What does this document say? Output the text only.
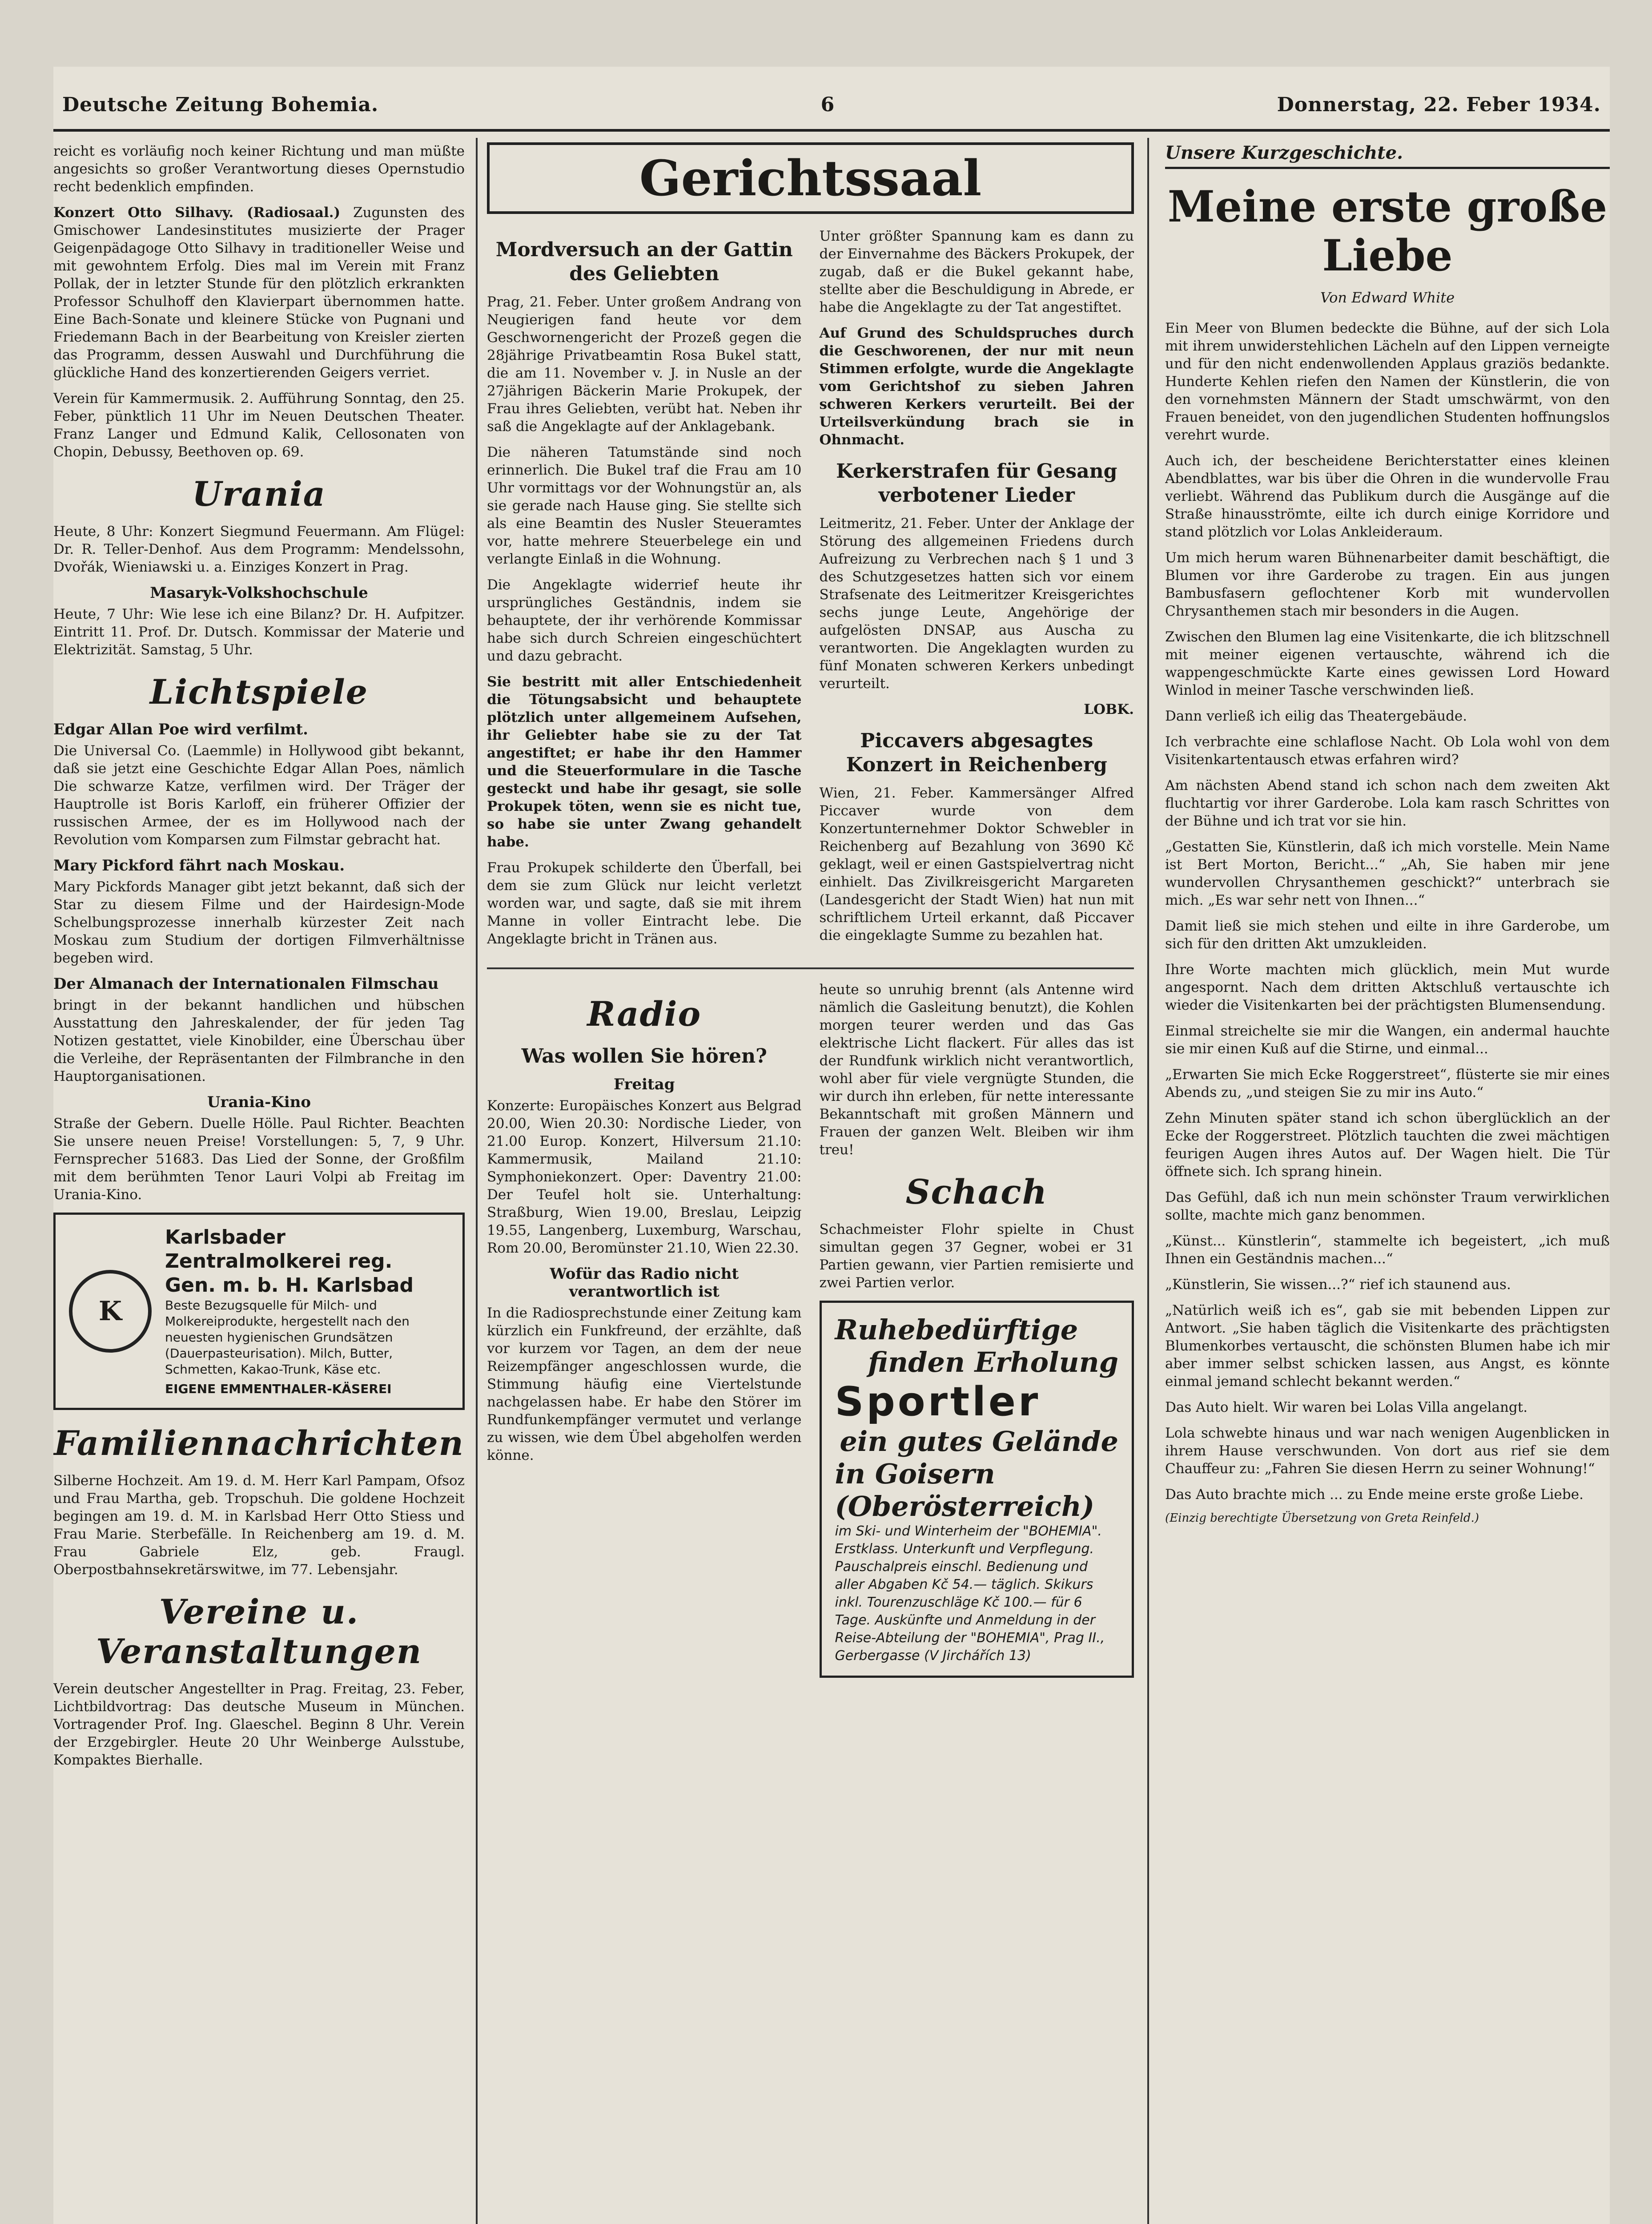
Deutsche Zeitung Bohemia.	6	Donnerstag, 22. Feber 1934.

reicht es vorläufig noch keiner Richtung und man müßte angesichts so großer Verantwortung dieses Opernstudio recht bedenklich empfinden.

Konzert Otto Silhavy. (Radiosaal.) Zugunsten des Gmischower Landesinstitutes musizierte der Prager Geigenpädagoge Otto Silhavy in traditioneller Weise und mit gewohntem Erfolg. Dies mal im Verein mit Franz Pollak, der in letzter Stunde für den plötzlich erkrankten Professor Schulhoff den Klavierpart übernommen hatte. Eine Bach-Sonate und kleinere Stücke von Pugnani und Friedemann Bach in der Bearbeitung von Kreisler zierten das Programm, dessen Auswahl und Durchführung die glückliche Hand des konzertierenden Geigers verriet.

Verein für Kammermusik. 2. Aufführung Sonntag, den 25. Feber, pünktlich 11 Uhr im Neuen Deutschen Theater. Franz Langer und Edmund Kalik, Cellosonaten von Chopin, Debussy, Beethoven op. 69.

Urania

Heute, 8 Uhr: Konzert Siegmund Feuermann. Am Flügel: Dr. R. Teller-Denhof. Aus dem Programm: Mendelssohn, Dvořák, Wieniawski u. a. Einziges Konzert in Prag.

Masaryk-Volkshochschule

Heute, 7 Uhr: Wie lese ich eine Bilanz? Dr. H. Aufpitzer. Eintritt 11. Prof. Dr. Dutsch. Kommissar der Materie und Elektrizität. Samstag, 5 Uhr.

Lichtspiele
Edgar Allan Poe wird verfilmt.

Die Universal Co. (Laemmle) in Hollywood gibt bekannt, daß sie jetzt eine Geschichte Edgar Allan Poes, nämlich Die schwarze Katze, verfilmen wird. Der Träger der Hauptrolle ist Boris Karloff, ein früherer Offizier der russischen Armee, der es im Hollywood nach der Revolution vom Komparsen zum Filmstar gebracht hat.

Mary Pickford fährt nach Moskau.

Mary Pickfords Manager gibt jetzt bekannt, daß sich der Star zu diesem Filme und der Hairdesign-Mode Schelbungsprozesse innerhalb kürzester Zeit nach Moskau zum Studium der dortigen Filmverhältnisse begeben wird.

Der Almanach der Internationalen Filmschau

bringt in der bekannt handlichen und hübschen Ausstattung den Jahreskalender, der für jeden Tag Notizen gestattet, viele Kinobilder, eine Überschau über die Verleihe, der Repräsentanten der Filmbranche in den Hauptorganisationen.

Urania-Kino

Straße der Gebern. Duelle Hölle. Paul Richter. Beachten Sie unsere neuen Preise! Vorstellungen: 5, 7, 9 Uhr. Fernsprecher 51683. Das Lied der Sonne, der Großfilm mit dem berühmten Tenor Lauri Volpi ab Freitag im Urania-Kino.

K
Karlsbader Zentralmolkerei reg. Gen. m. b. H. Karlsbad
Beste Bezugsquelle für Milch- und Molkereiprodukte, hergestellt nach den neuesten hygienischen Grundsätzen (Dauerpasteurisation). Milch, Butter, Schmetten, Kakao-Trunk, Käse etc.
EIGENE EMMENTHALER-KÄSEREI
Familiennachrichten

Silberne Hochzeit. Am 19. d. M. Herr Karl Pampam, Ofsoz und Frau Martha, geb. Tropschuh. Die goldene Hochzeit begingen am 19. d. M. in Karlsbad Herr Otto Stiess und Frau Marie. Sterbefälle. In Reichenberg am 19. d. M. Frau Gabriele Elz, geb. Fraugl. Oberpostbahnsekretärswitwe, im 77. Lebensjahr.

Vereine u. Veranstaltungen

Verein deutscher Angestellter in Prag. Freitag, 23. Feber, Lichtbildvortrag: Das deutsche Museum in München. Vortragender Prof. Ing. Glaeschel. Beginn 8 Uhr. Verein der Erzgebirgler. Heute 20 Uhr Weinberge Aulsstube, Kompaktes Bierhalle.

Gerichtssaal
Mordversuch an der Gattin des Geliebten

Prag, 21. Feber. Unter großem Andrang von Neugierigen fand heute vor dem Geschwornengericht der Prozeß gegen die 28jährige Privatbeamtin Rosa Bukel statt, die am 11. November v. J. in Nusle an der 27jährigen Bäckerin Marie Prokupek, der Frau ihres Geliebten, verübt hat. Neben ihr saß die Angeklagte auf der Anklagebank.

Die näheren Tatumstände sind noch erinnerlich. Die Bukel traf die Frau am 10 Uhr vormittags vor der Wohnungstür an, als sie gerade nach Hause ging. Sie stellte sich als eine Beamtin des Nusler Steueramtes vor, hatte mehrere Steuerbelege ein und verlangte Einlaß in die Wohnung.

Die Angeklagte widerrief heute ihr ursprüngliches Geständnis, indem sie behauptete, der ihr verhörende Kommissar habe sich durch Schreien eingeschüchtert und dazu gebracht.

Sie bestritt mit aller Entschiedenheit die Tötungsabsicht und behauptete plötzlich unter allgemeinem Aufsehen, ihr Geliebter habe sie zu der Tat angestiftet; er habe ihr den Hammer und die Steuerformulare in die Tasche gesteckt und habe ihr gesagt, sie solle Prokupek töten, wenn sie es nicht tue, so habe sie unter Zwang gehandelt habe.

Frau Prokupek schilderte den Überfall, bei dem sie zum Glück nur leicht verletzt worden war, und sagte, daß sie mit ihrem Manne in voller Eintracht lebe. Die Angeklagte bricht in Tränen aus.

Unter größter Spannung kam es dann zu der Einvernahme des Bäckers Prokupek, der zugab, daß er die Bukel gekannt habe, stellte aber die Beschuldigung in Abrede, er habe die Angeklagte zu der Tat angestiftet.

Auf Grund des Schuldspruches durch die Geschworenen, der nur mit neun Stimmen erfolgte, wurde die Angeklagte vom Gerichtshof zu sieben Jahren schweren Kerkers verurteilt. Bei der Urteilsverkündung brach sie in Ohnmacht.

Kerkerstrafen für Gesang verbotener Lieder

Leitmeritz, 21. Feber. Unter der Anklage der Störung des allgemeinen Friedens durch Aufreizung zu Verbrechen nach § 1 und 3 des Schutzgesetzes hatten sich vor einem Strafsenate des Leitmeritzer Kreisgerichtes sechs junge Leute, Angehörige der aufgelösten DNSAP, aus Auscha zu verantworten. Die Angeklagten wurden zu fünf Monaten schweren Kerkers unbedingt verurteilt.

LOBK.

Piccavers abgesagtes Konzert in Reichenberg

Wien, 21. Feber. Kammersänger Alfred Piccaver wurde von dem Konzertunternehmer Doktor Schwebler in Reichenberg auf Bezahlung von 3690 Kč geklagt, weil er einen Gastspielvertrag nicht einhielt. Das Zivilkreisgericht Margareten (Landesgericht der Stadt Wien) hat nun mit schriftlichem Urteil erkannt, daß Piccaver die eingeklagte Summe zu bezahlen hat.

Radio
Was wollen Sie hören?
Freitag

Konzerte: Europäisches Konzert aus Belgrad 20.00, Wien 20.30: Nordische Lieder, von 21.00 Europ. Konzert, Hilversum 21.10: Kammermusik, Mailand 21.10: Symphoniekonzert. Oper: Daventry 21.00: Der Teufel holt sie. Unterhaltung: Straßburg, Wien 19.00, Breslau, Leipzig 19.55, Langenberg, Luxemburg, Warschau, Rom 20.00, Beromünster 21.10, Wien 22.30.

Wofür das Radio nicht verantwortlich ist

In die Radiosprechstunde einer Zeitung kam kürzlich ein Funkfreund, der erzählte, daß vor kurzem vor Tagen, an dem der neue Reizempfänger angeschlossen wurde, die Stimmung häufig eine Viertelstunde nachgelassen habe. Er habe den Störer im Rundfunkempfänger vermutet und verlange zu wissen, wie dem Übel abgeholfen werden könne.

heute so unruhig brennt (als Antenne wird nämlich die Gasleitung benutzt), die Kohlen morgen teurer werden und das Gas elektrische Licht flackert. Für alles das ist der Rundfunk wirklich nicht verantwortlich, wohl aber für viele vergnügte Stunden, die wir durch ihn erleben, für nette interessante Bekanntschaft mit großen Männern und Frauen der ganzen Welt. Bleiben wir ihm treu!

Schach

Schachmeister Flohr spielte in Chust simultan gegen 37 Gegner, wobei er 31 Partien gewann, vier Partien remisierte und zwei Partien verlor.

Ruhebedürftige
finden Erholung
Sportler
ein gutes Gelände
in Goisern (Oberösterreich)
im Ski- und Winterheim der "BOHEMIA". Erstklass. Unterkunft und Verpflegung. Pauschalpreis einschl. Bedienung und aller Abgaben Kč 54.— täglich. Skikurs inkl. Tourenzuschläge Kč 100.— für 6 Tage. Auskünfte und Anmeldung in der Reise-Abteilung der "BOHEMIA", Prag II., Gerbergasse (V Jirchářích 13)
Unsere Kurzgeschichte.
Meine erste große Liebe
Von Edward White

Ein Meer von Blumen bedeckte die Bühne, auf der sich Lola mit ihrem unwiderstehlichen Lächeln auf den Lippen verneigte und für den nicht endenwollenden Applaus graziös bedankte. Hunderte Kehlen riefen den Namen der Künstlerin, die von den vornehmsten Männern der Stadt umschwärmt, von den Frauen beneidet, von den jugendlichen Studenten hoffnungslos verehrt wurde.

Auch ich, der bescheidene Berichterstatter eines kleinen Abendblattes, war bis über die Ohren in die wundervolle Frau verliebt. Während das Publikum durch die Ausgänge auf die Straße hinausströmte, eilte ich durch einige Korridore und stand plötzlich vor Lolas Ankleideraum.

Um mich herum waren Bühnenarbeiter damit beschäftigt, die Blumen vor ihre Garderobe zu tragen. Ein aus jungen Bambusfasern geflochtener Korb mit wundervollen Chrysanthemen stach mir besonders in die Augen.

Zwischen den Blumen lag eine Visitenkarte, die ich blitzschnell mit meiner eigenen vertauschte, während ich die wappengeschmückte Karte eines gewissen Lord Howard Winlod in meiner Tasche verschwinden ließ.

Dann verließ ich eilig das Theatergebäude.

Ich verbrachte eine schlaflose Nacht. Ob Lola wohl von dem Visitenkartentausch etwas erfahren wird?

Am nächsten Abend stand ich schon nach dem zweiten Akt fluchtartig vor ihrer Garderobe. Lola kam rasch Schrittes von der Bühne und ich trat vor sie hin.

„Gestatten Sie, Künstlerin, daß ich mich vorstelle. Mein Name ist Bert Morton, Bericht...“ „Ah, Sie haben mir jene wundervollen Chrysanthemen geschickt?“ unterbrach sie mich. „Es war sehr nett von Ihnen...“

Damit ließ sie mich stehen und eilte in ihre Garderobe, um sich für den dritten Akt umzukleiden.

Ihre Worte machten mich glücklich, mein Mut wurde angespornt. Nach dem dritten Aktschluß vertauschte ich wieder die Visitenkarten bei der prächtigsten Blumensendung.

Einmal streichelte sie mir die Wangen, ein andermal hauchte sie mir einen Kuß auf die Stirne, und einmal...

„Erwarten Sie mich Ecke Roggerstreet“, flüsterte sie mir eines Abends zu, „und steigen Sie zu mir ins Auto.“

Zehn Minuten später stand ich schon überglücklich an der Ecke der Roggerstreet. Plötzlich tauchten die zwei mächtigen feurigen Augen ihres Autos auf. Der Wagen hielt. Die Tür öffnete sich. Ich sprang hinein.

Das Gefühl, daß ich nun mein schönster Traum verwirklichen sollte, machte mich ganz benommen.

„Künst... Künstlerin“, stammelte ich begeistert, „ich muß Ihnen ein Geständnis machen...“

„Künstlerin, Sie wissen...?“ rief ich staunend aus.

„Natürlich weiß ich es“, gab sie mit bebenden Lippen zur Antwort. „Sie haben täglich die Visitenkarte des prächtigsten Blumenkorbes vertauscht, die schönsten Blumen habe ich mir aber immer selbst schicken lassen, aus Angst, es könnte einmal jemand schlecht bekannt werden.“

Das Auto hielt. Wir waren bei Lolas Villa angelangt.

Lola schwebte hinaus und war nach wenigen Augenblicken in ihrem Hause verschwunden. Von dort aus rief sie dem Chauffeur zu: „Fahren Sie diesen Herrn zu seiner Wohnung!“

Das Auto brachte mich ... zu Ende meine erste große Liebe.

(Einzig berechtigte Übersetzung von Greta Reinfeld.)
